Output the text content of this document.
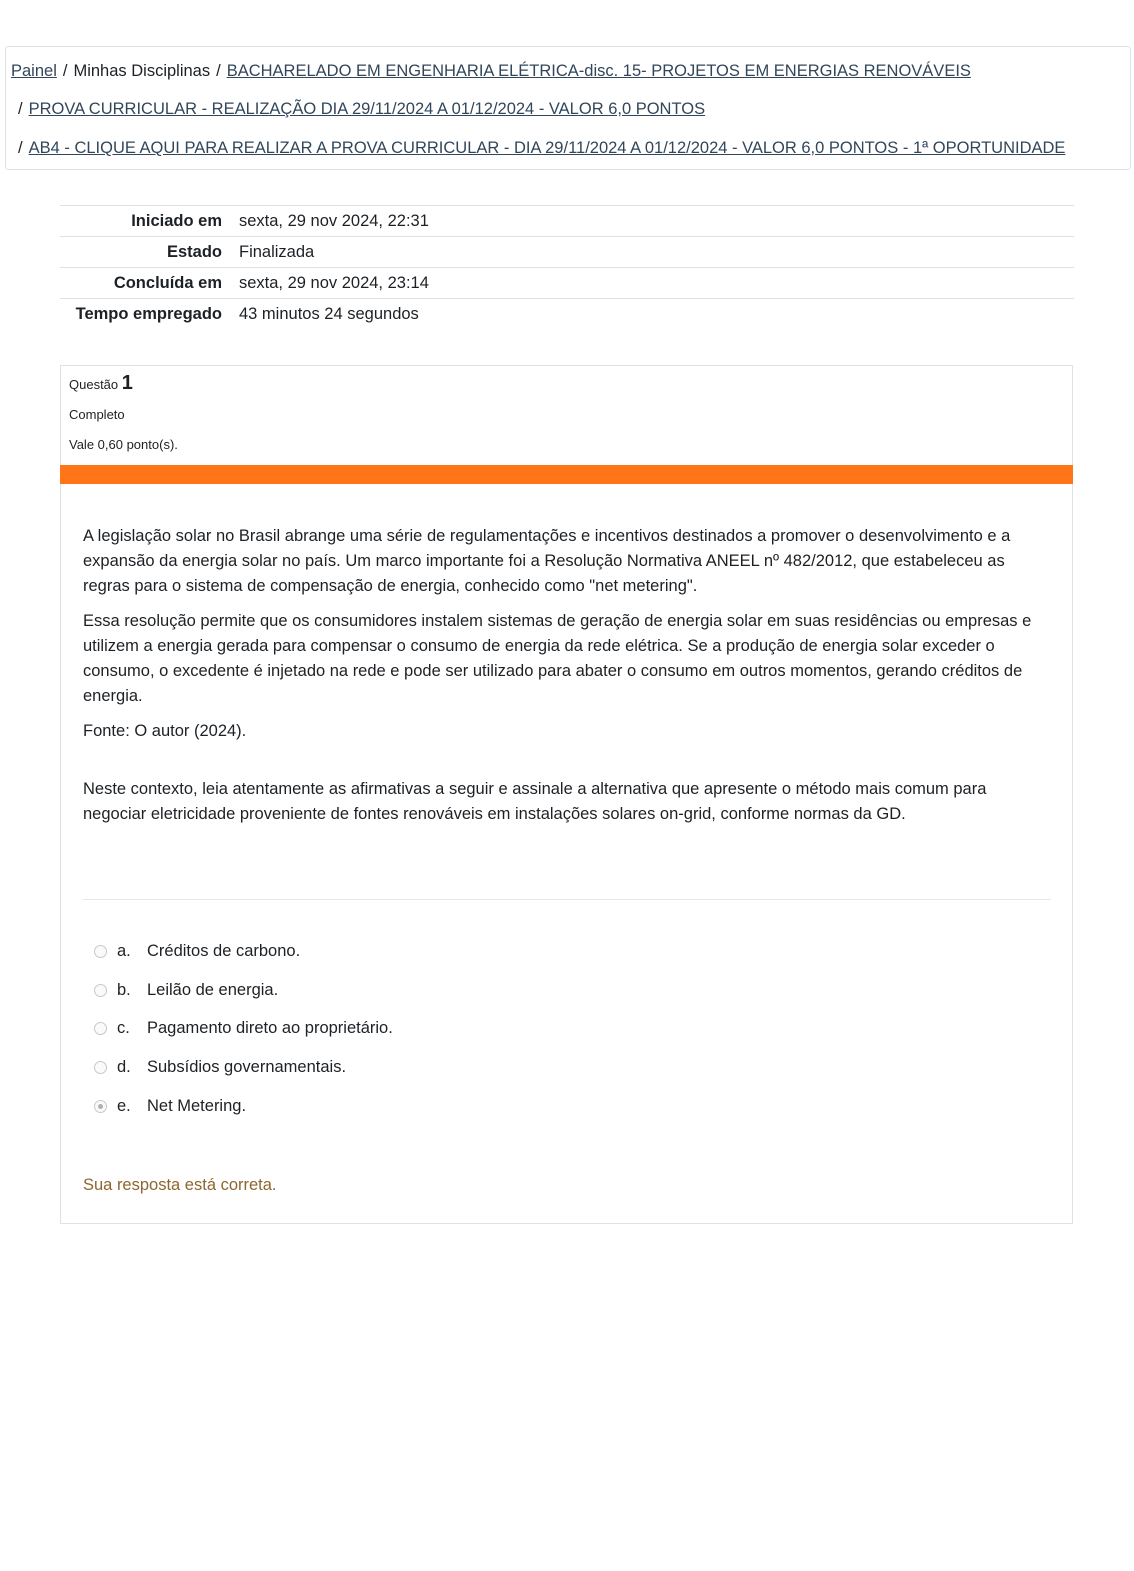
Painel / Minhas Disciplinas / BACHARELADO EM ENGENHARIA ELÉTRICA-disc. 15- PROJETOS EM ENERGIAS RENOVÁVEIS
/ PROVA CURRICULAR - REALIZAÇÃO DIA 29/11/2024 A 01/12/2024 - VALOR 6,0 PONTOS
/ AB4 - CLIQUE AQUI PARA REALIZAR A PROVA CURRICULAR - DIA 29/11/2024 A 01/12/2024 - VALOR 6,0 PONTOS - 1ª OPORTUNIDADE
Iniciado em	sexta, 29 nov 2024, 22:31
Estado	Finalizada
Concluída em	sexta, 29 nov 2024, 23:14
Tempo empregado	43 minutos 24 segundos
Questão 1
Completo
Vale 0,60 ponto(s).

A legislação solar no Brasil abrange uma série de regulamentações e incentivos destinados a promover o desenvolvimento e a expansão da energia solar no país. Um marco importante foi a Resolução Normativa ANEEL nº 482/2012, que estabeleceu as regras para o sistema de compensação de energia, conhecido como "net metering".

Essa resolução permite que os consumidores instalem sistemas de geração de energia solar em suas residências ou empresas e utilizem a energia gerada para compensar o consumo de energia da rede elétrica. Se a produção de energia solar exceder o consumo, o excedente é injetado na rede e pode ser utilizado para abater o consumo em outros momentos, gerando créditos de energia.

Fonte: O autor (2024).

Neste contexto, leia atentamente as afirmativas a seguir e assinale a alternativa que apresente o método mais comum para negociar eletricidade proveniente de fontes renováveis em instalações solares on-grid, conforme normas da GD.

a. Créditos de carbono.
b. Leilão de energia.
c.	Pagamento direto ao proprietário.
d. Subsídios governamentais.
e. Net Metering.
Sua resposta está correta.
